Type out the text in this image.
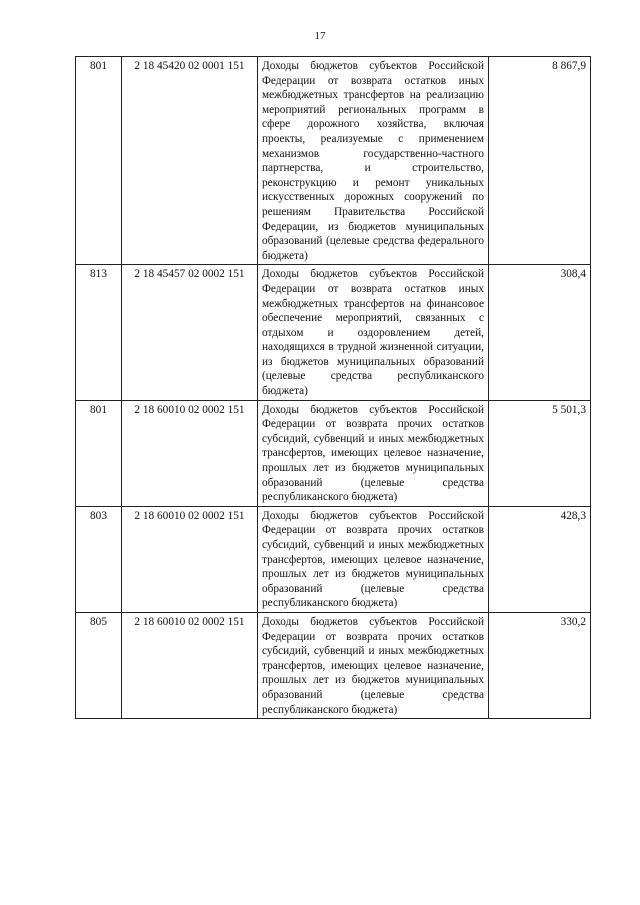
17
801	2 18 45420 02 0001 151	Доходы бюджетов субъектов Российской Федерации от возврата остатков иных межбюджетных трансфертов на реализацию мероприятий региональных программ в сфере дорожного хозяйства, включая проекты, реализуемые с применением механизмов государственно-частного партнерства, и строительство, реконструкцию и ремонт уникальных искусственных дорожных сооружений по решениям Правительства Российской Федерации, из бюджетов муниципальных образований (целевые средства федерального бюджета)	8 867,9
813	2 18 45457 02 0002 151	Доходы бюджетов субъектов Российской Федерации от возврата остатков иных межбюджетных трансфертов на финансовое обеспечение мероприятий, связанных с отдыхом и оздоровлением детей, находящихся в трудной жизненной ситуации, из бюджетов муниципальных образований (целевые средства республиканского бюджета)	308,4
801	2 18 60010 02 0002 151	Доходы бюджетов субъектов Российской Федерации от возврата прочих остатков субсидий, субвенций и иных межбюджетных трансфертов, имеющих целевое назначение, прошлых лет из бюджетов муниципальных образований (целевые средства республиканского бюджета)	5 501,3
803	2 18 60010 02 0002 151	Доходы бюджетов субъектов Российской Федерации от возврата прочих остатков субсидий, субвенций и иных межбюджетных трансфертов, имеющих целевое назначение, прошлых лет из бюджетов муниципальных образований (целевые средства республиканского бюджета)	428,3
805	2 18 60010 02 0002 151	Доходы бюджетов субъектов Российской Федерации от возврата прочих остатков субсидий, субвенций и иных межбюджетных трансфертов, имеющих целевое назначение, прошлых лет из бюджетов муниципальных образований (целевые средства республиканского бюджета)	330,2
